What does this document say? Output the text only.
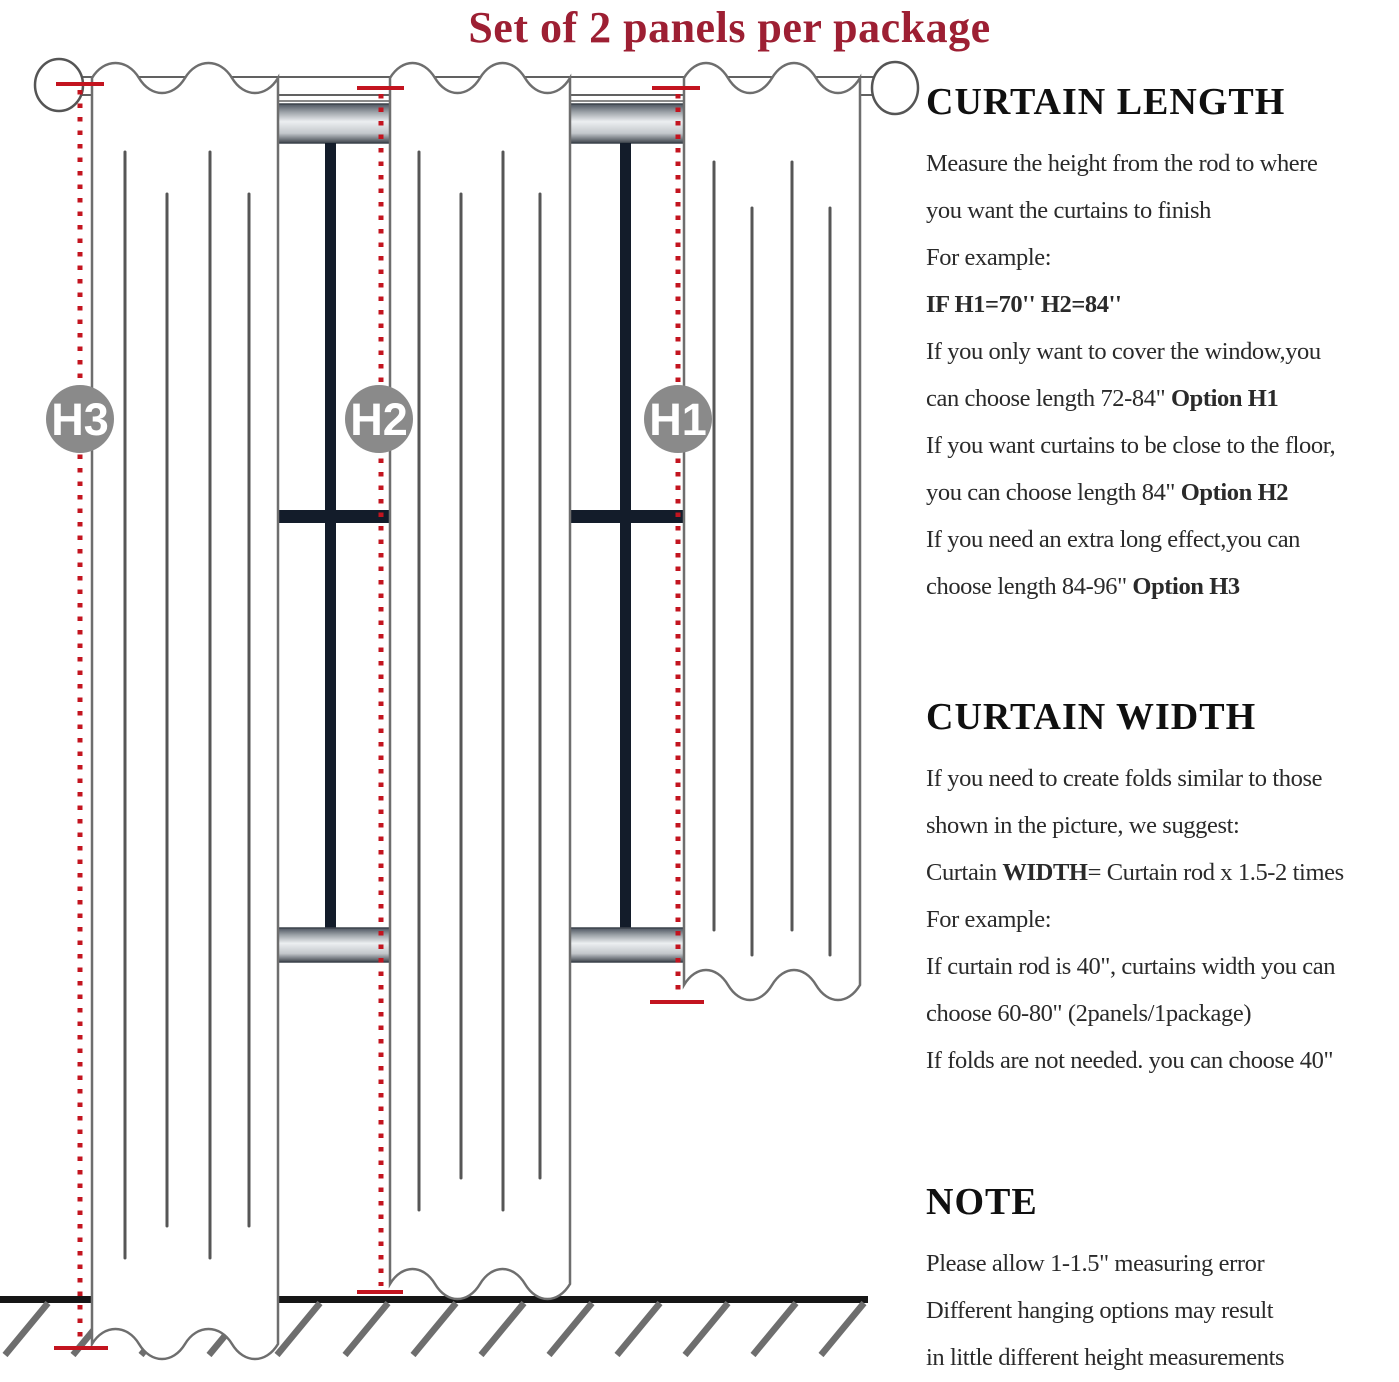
Set of 2 panels per package
H3	H2	H1
CURTAIN LENGTH
Measure the height from the rod to where
you want the curtains to finish
For example:
IF H1=70'' H2=84''
If you only want to cover the window,you
can choose length 72-84" Option H1
If you want curtains to be close to the floor,
you can choose length 84" Option H2
If you need an extra long effect,you can
choose length 84-96" Option H3
CURTAIN WIDTH
If you need to create folds similar to those
shown in the picture, we suggest:
Curtain WIDTH= Curtain rod x 1.5-2 times
For example:
If curtain rod is 40", curtains width you can
choose 60-80" (2panels/1package)
If folds are not needed. you can choose 40"
NOTE
Please allow 1-1.5" measuring error
Different hanging options may result
in little different height measurements
